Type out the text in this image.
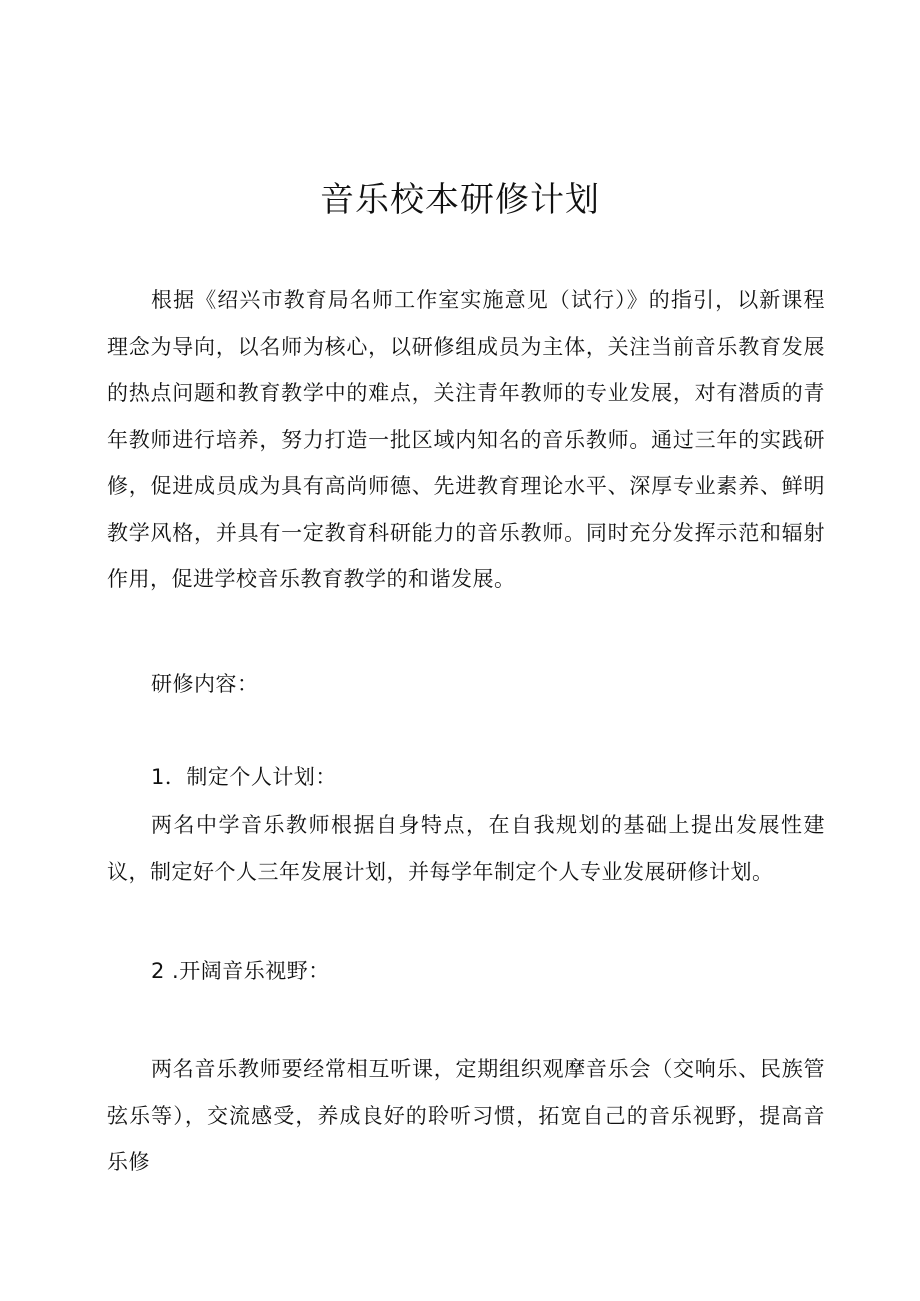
音乐校本研修计划

根据《绍兴市教育局名师工作室实施意见（试行）》的指引，以新课程理念为导向，以名师为核心，以研修组成员为主体，关注当前音乐教育发展的热点问题和教育教学中的难点，关注青年教师的专业发展，对有潜质的青年教师进行培养，努力打造一批区域内知名的音乐教师。通过三年的实践研修，促进成员成为具有高尚师德、先进教育理论水平、深厚专业素养、鲜明教学风格，并具有一定教育科研能力的音乐教师。同时充分发挥示范和辐射作用，促进学校音乐教育教学的和谐发展。

研修内容：

1．制定个人计划：

两名中学音乐教师根据自身特点，在自我规划的基础上提出发展性建议，制定好个人三年发展计划，并每学年制定个人专业发展研修计划。

2 .开阔音乐视野：

两名音乐教师要经常相互听课，定期组织观摩音乐会（交响乐、民族管弦乐等），交流感受，养成良好的聆听习惯，拓宽自己的音乐视野，提高音乐修
